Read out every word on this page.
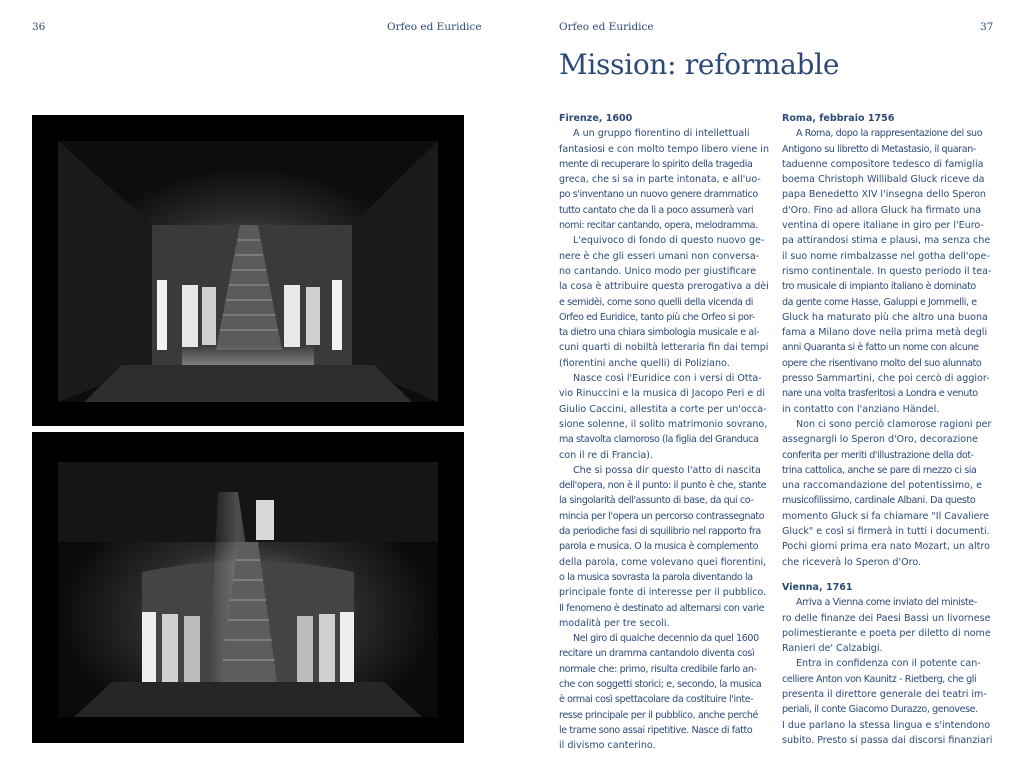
36	Orfeo ed Euridice	Orfeo ed Euridice	37
Mission: reformable
Firenze, 1600
A un gruppo fiorentino di intellettuali
fantasiosi e con molto tempo libero viene in
mente di recuperare lo spirito della tragedia
greca, che si sa in parte intonata, e all'uo-
po s'inventano un nuovo genere drammatico
tutto cantato che da lì a poco assumerà vari
nomi: recitar cantando, opera, melodramma.
L'equivoco di fondo di questo nuovo ge-
nere è che gli esseri umani non conversa-
no cantando. Unico modo per giustificare
la cosa è attribuire questa prerogativa a dèi
e semidèi, come sono quelli della vicenda di
Orfeo ed Euridice, tanto più che Orfeo si por-
ta dietro una chiara simbologia musicale e al-
cuni quarti di nobiltà letteraria fin dai tempi
(fiorentini anche quelli) di Poliziano.
Nasce così l'Euridice con i versi di Otta-
vio Rinuccini e la musica di Jacopo Peri e di
Giulio Caccini, allestita a corte per un'occa-
sione solenne, il solito matrimonio sovrano,
ma stavolta clamoroso (la figlia del Granduca
con il re di Francia).
Che si possa dir questo l'atto di nascita
dell'opera, non è il punto: il punto è che, stante
la singolarità dell'assunto di base, da qui co-
mincia per l'opera un percorso contrassegnato
da periodiche fasi di squilibrio nel rapporto fra
parola e musica. O la musica è complemento
della parola, come volevano quei fiorentini,
o la musica sovrasta la parola diventando la
principale fonte di interesse per il pubblico.
Il fenomeno è destinato ad alternarsi con varie
modalità per tre secoli.
Nel giro di qualche decennio da quel 1600
recitare un dramma cantandolo diventa così
normale che: primo, risulta credibile farlo an-
che con soggetti storici; e, secondo, la musica
è ormai così spettacolare da costituire l'inte-
resse principale per il pubblico, anche perché
le trame sono assai ripetitive. Nasce di fatto
il divismo canterino.
Roma, febbraio 1756
A Roma, dopo la rappresentazione del suo
Antigono su libretto di Metastasio, il quaran-
taduenne compositore tedesco di famiglia
boema Christoph Willibald Gluck riceve da
papa Benedetto XIV l'insegna dello Speron
d'Oro. Fino ad allora Gluck ha firmato una
ventina di opere italiane in giro per l'Euro-
pa attirandosi stima e plausi, ma senza che
il suo nome rimbalzasse nel gotha dell'ope-
rismo continentale. In questo periodo il tea-
tro musicale di impianto italiano è dominato
da gente come Hasse, Galuppi e Jommelli, e
Gluck ha maturato più che altro una buona
fama a Milano dove nella prima metà degli
anni Quaranta si è fatto un nome con alcune
opere che risentivano molto del suo alunnato
presso Sammartini, che poi cercò di aggior-
nare una volta trasferitosi a Londra e venuto
in contatto con l'anziano Händel.
Non ci sono perciò clamorose ragioni per
assegnargli lo Speron d'Oro, decorazione
conferita per meriti d'illustrazione della dot-
trina cattolica, anche se pare di mezzo ci sia
una raccomandazione del potentissimo, e
musicofilissimo, cardinale Albani. Da questo
momento Gluck si fa chiamare "Il Cavaliere
Gluck" e così si firmerà in tutti i documenti.
Pochi giorni prima era nato Mozart, un altro
che riceverà lo Speron d'Oro.
Vienna, 1761
Arriva a Vienna come inviato del ministe-
ro delle finanze dei Paesi Bassi un livornese
polimestierante e poeta per diletto di nome
Ranieri de' Calzabigi.
Entra in confidenza con il potente can-
celliere Anton von Kaunitz - Rietberg, che gli
presenta il direttore generale dei teatri im-
periali, il conte Giacomo Durazzo, genovese.
I due parlano la stessa lingua e s'intendono
subito. Presto si passa dai discorsi finanziari
